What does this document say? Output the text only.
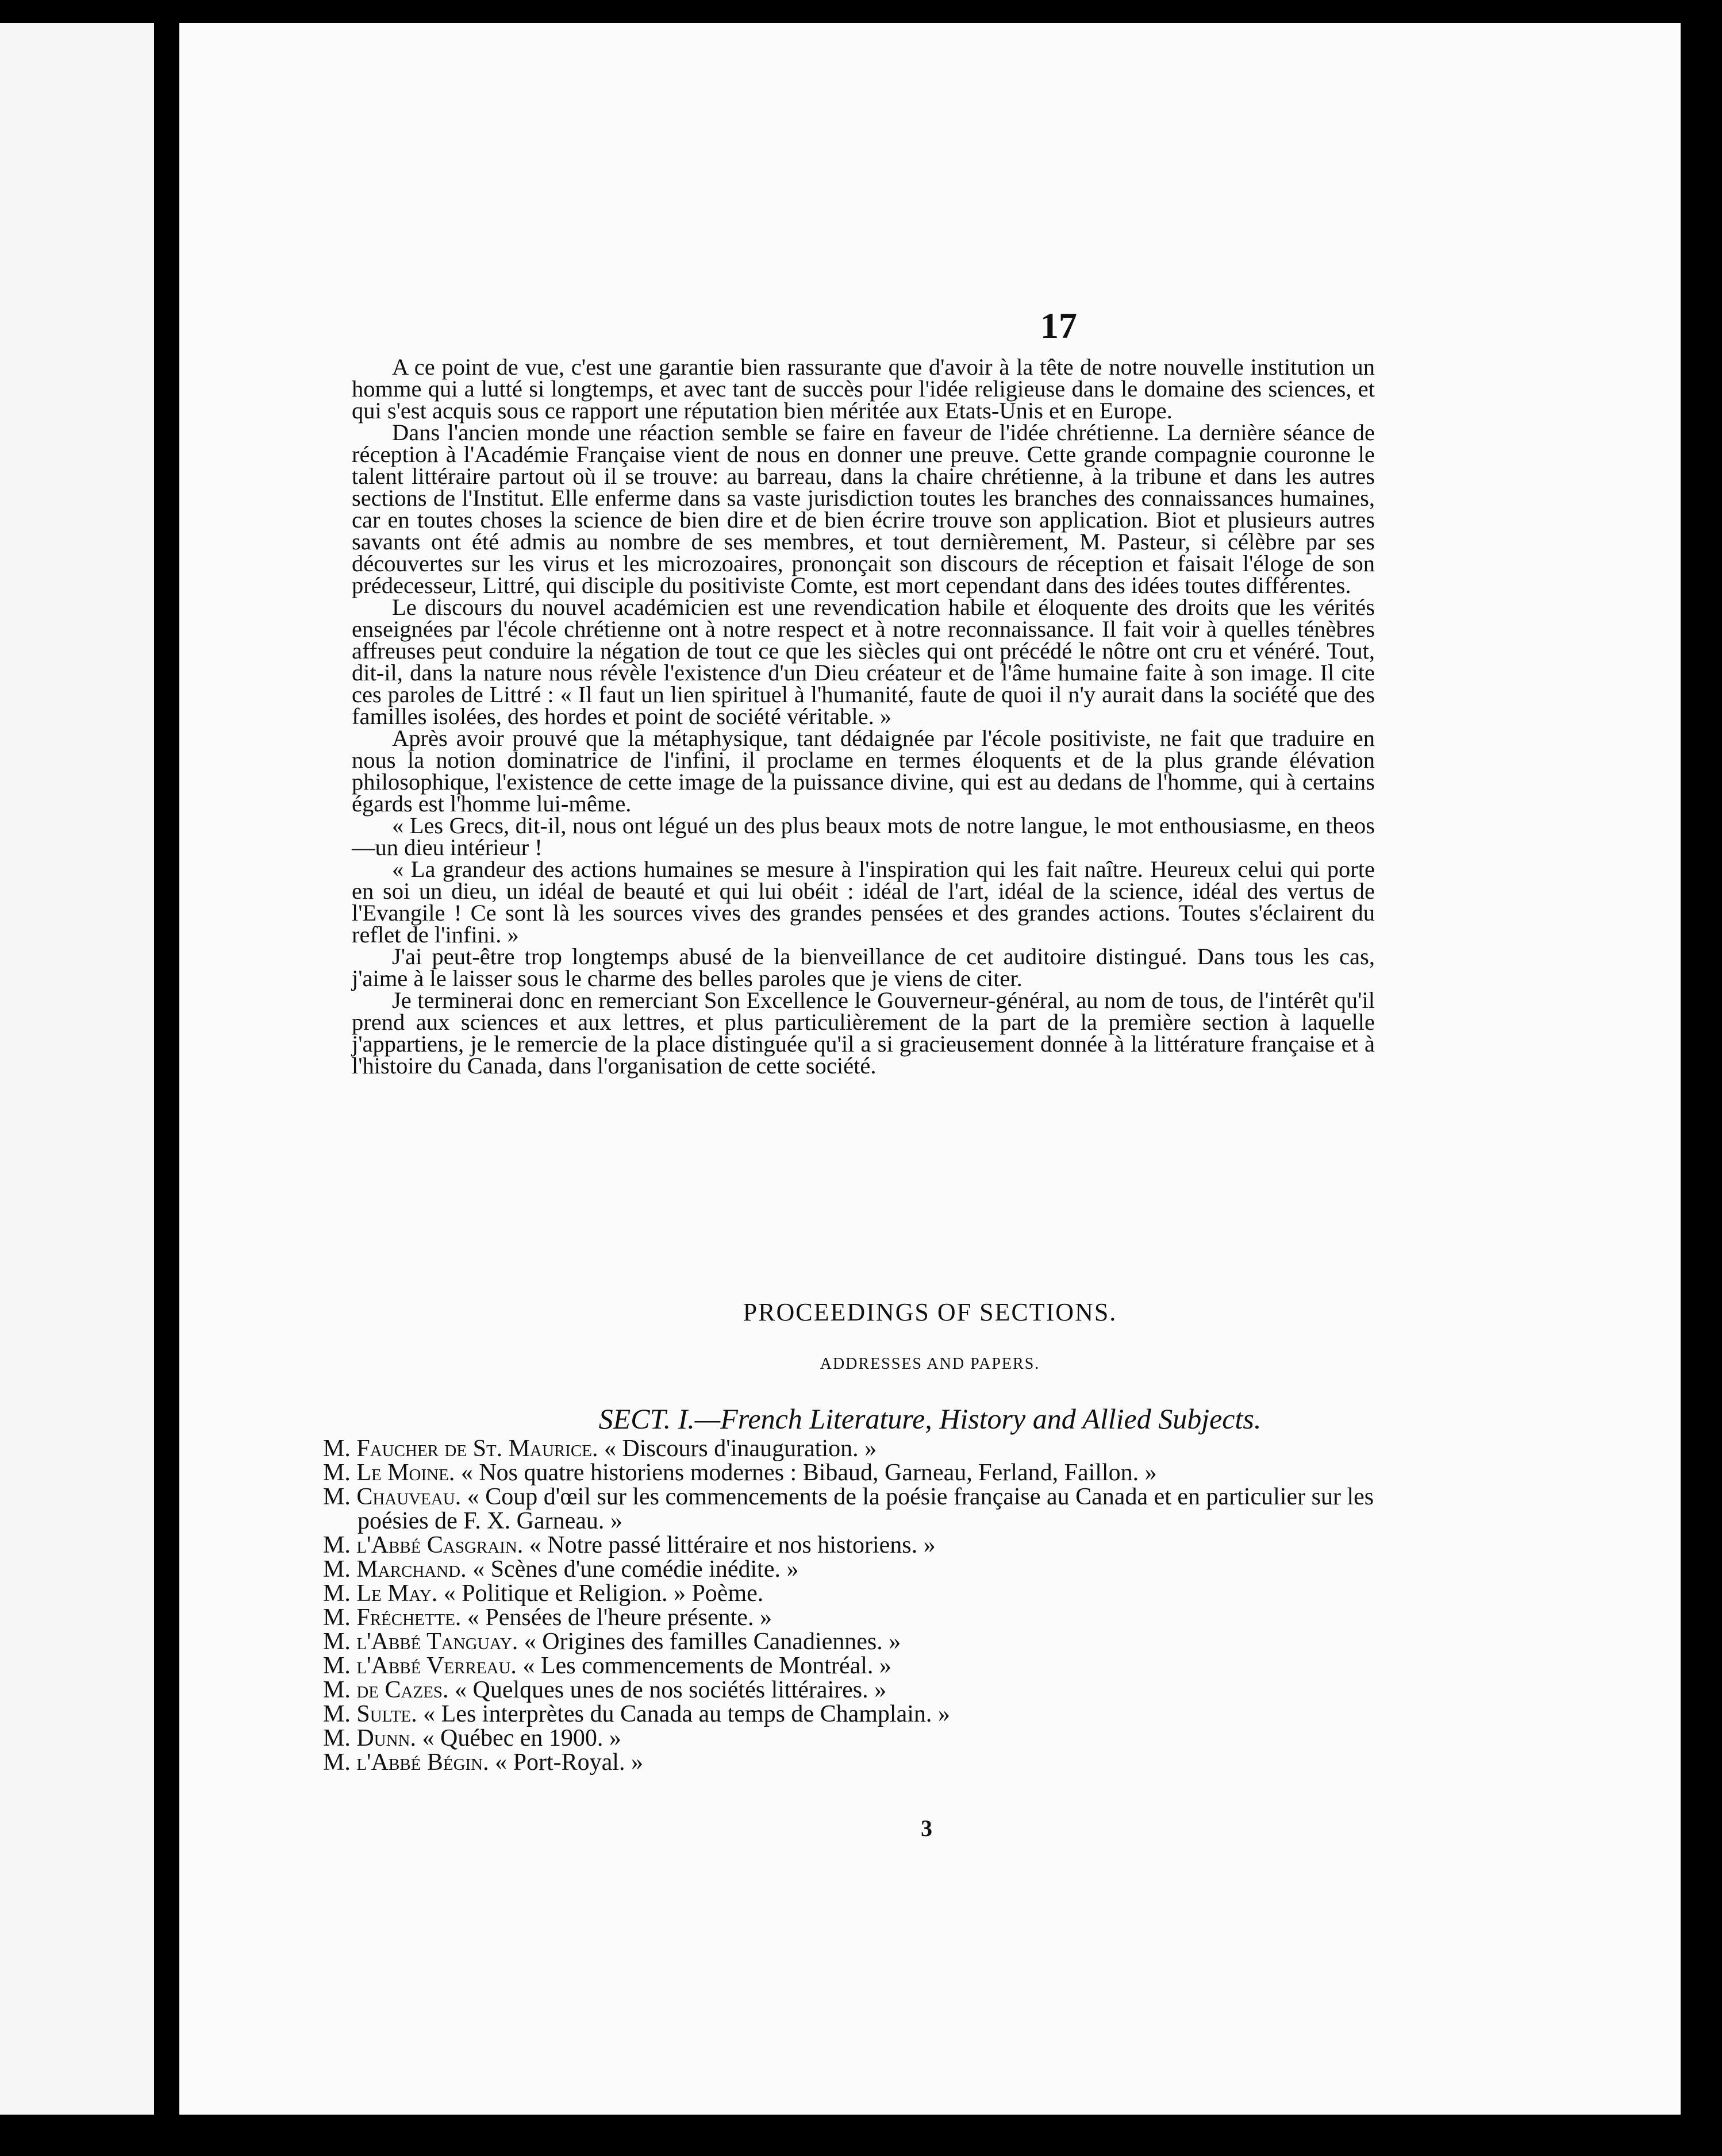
17

A ce point de vue, c'est une garantie bien rassurante que d'avoir à la tête de notre nouvelle institution un homme qui a lutté si longtemps, et avec tant de succès pour l'idée religieuse dans le domaine des sciences, et qui s'est acquis sous ce rapport une réputation bien méritée aux Etats-Unis et en Europe.

Dans l'ancien monde une réaction semble se faire en faveur de l'idée chrétienne. La dernière séance de réception à l'Académie Française vient de nous en donner une preuve. Cette grande compagnie couronne le talent littéraire partout où il se trouve: au barreau, dans la chaire chrétienne, à la tribune et dans les autres sections de l'Institut. Elle enferme dans sa vaste jurisdiction toutes les branches des connaissances humaines, car en toutes choses la science de bien dire et de bien écrire trouve son application. Biot et plusieurs autres savants ont été admis au nombre de ses membres, et tout dernièrement, M. Pasteur, si célèbre par ses découvertes sur les virus et les microzoaires, prononçait son discours de réception et faisait l'éloge de son prédecesseur, Littré, qui disciple du positiviste Comte, est mort cependant dans des idées toutes différentes.

Le discours du nouvel académicien est une revendication habile et éloquente des droits que les vérités enseignées par l'école chrétienne ont à notre respect et à notre reconnaissance. Il fait voir à quelles ténèbres affreuses peut conduire la négation de tout ce que les siècles qui ont précédé le nôtre ont cru et vénéré. Tout, dit-il, dans la nature nous révèle l'existence d'un Dieu créateur et de l'âme humaine faite à son image. Il cite ces paroles de Littré : « Il faut un lien spirituel à l'humanité, faute de quoi il n'y aurait dans la société que des familles isolées, des hordes et point de société véritable. »

Après avoir prouvé que la métaphysique, tant dédaignée par l'école positiviste, ne fait que traduire en nous la notion dominatrice de l'infini, il proclame en termes éloquents et de la plus grande élévation philosophique, l'existence de cette image de la puissance divine, qui est au dedans de l'homme, qui à certains égards est l'homme lui-même.

« Les Grecs, dit-il, nous ont légué un des plus beaux mots de notre langue, le mot enthousiasme, en theos—un dieu intérieur !

« La grandeur des actions humaines se mesure à l'inspiration qui les fait naître. Heureux celui qui porte en soi un dieu, un idéal de beauté et qui lui obéit : idéal de l'art, idéal de la science, idéal des vertus de l'Evangile ! Ce sont là les sources vives des grandes pensées et des grandes actions. Toutes s'éclairent du reflet de l'infini. »

J'ai peut-être trop longtemps abusé de la bienveillance de cet auditoire distingué. Dans tous les cas, j'aime à le laisser sous le charme des belles paroles que je viens de citer.

Je terminerai donc en remerciant Son Excellence le Gouverneur-général, au nom de tous, de l'intérêt qu'il prend aux sciences et aux lettres, et plus particulièrement de la part de la première section à laquelle j'appartiens, je le remercie de la place distinguée qu'il a si gracieusement donnée à la littérature française et à l'histoire du Canada, dans l'organisation de cette société.

PROCEEDINGS OF SECTIONS.
ADDRESSES AND PAPERS.
SECT. I.—French Literature, History and Allied Subjects.

M. Faucher de St. Maurice. « Discours d'inauguration. »

M. Le Moine. « Nos quatre historiens modernes : Bibaud, Garneau, Ferland, Faillon. »

M. Chauveau. « Coup d'œil sur les commencements de la poésie française au Canada et en particulier sur les poésies de F. X. Garneau. »

M. l'Abbé Casgrain. « Notre passé littéraire et nos historiens. »

M. Marchand. « Scènes d'une comédie inédite. »

M. Le May. « Politique et Religion. » Poème.

M. Fréchette. « Pensées de l'heure présente. »

M. l'Abbé Tanguay. « Origines des familles Canadiennes. »

M. l'Abbé Verreau. « Les commencements de Montréal. »

M. de Cazes. « Quelques unes de nos sociétés littéraires. »

M. Sulte. « Les interprètes du Canada au temps de Champlain. »

M. Dunn. « Québec en 1900. »

M. l'Abbé Bégin. « Port-Royal. »

3
